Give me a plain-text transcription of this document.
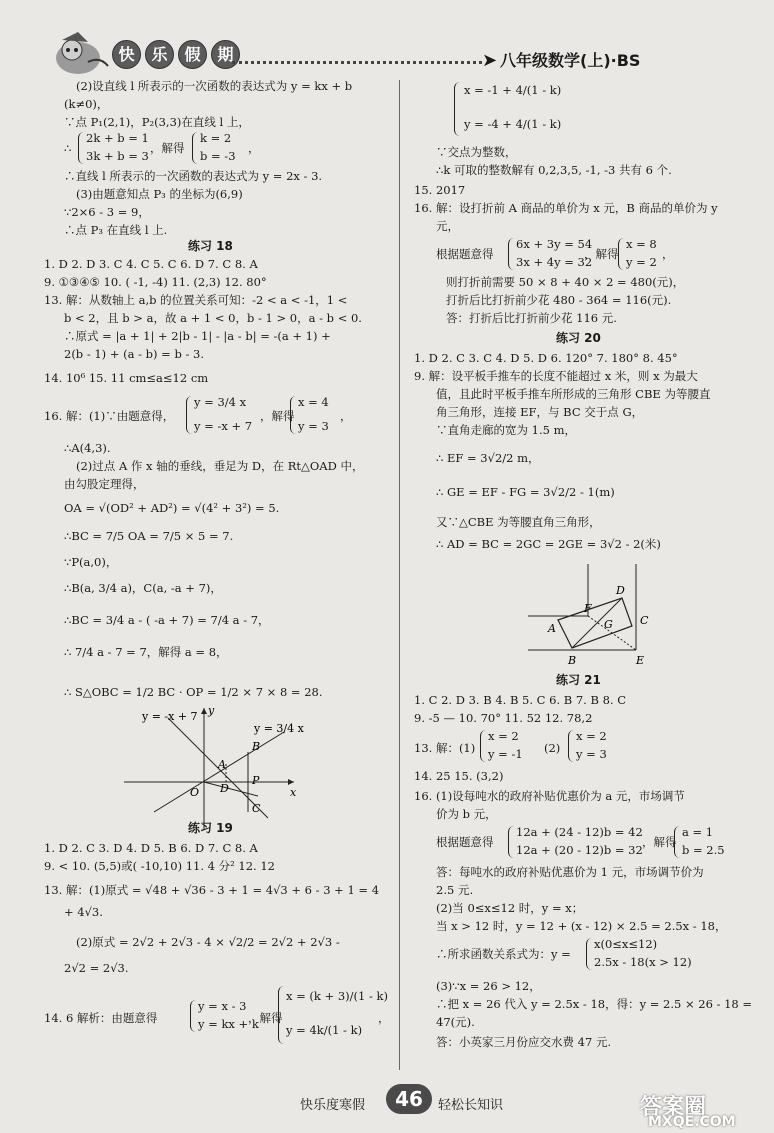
快	乐	假	期	➤ 八年级数学(上)·BS
(2)设直线 l 所表示的一次函数的表达式为 y = kx + b
(k≠0)，
∵点 P₁(2,1)，P₂(3,3)在直线 l 上，
∴
2k + b = 1
3k + b = 3
，解得
k = 2
b = -3
，
∴直线 l 所表示的一次函数的表达式为 y = 2x - 3.
(3)由题意知点 P₃ 的坐标为(6,9)
∵2×6 - 3 = 9，
∴点 P₃ 在直线 l 上.
练习 18
1. D 2. D 3. C 4. C 5. C 6. D 7. C 8. A
9. ①③④⑤ 10. ( -1, -4) 11. (2,3) 12. 80°
13. 解：从数轴上 a,b 的位置关系可知：-2 < a < -1，1 <
b < 2，且 b > a，故 a + 1 < 0，b - 1 > 0，a - b < 0.
∴原式 = |a + 1| + 2|b - 1| - |a - b| = -(a + 1) +
2(b - 1) + (a - b) = b - 3.
14. 10⁶ 15. 11 cm≤a≤12 cm
16. 解：(1)∵由题意得，
y = 3/4 x
y = -x + 7
，解得
x = 4
y = 3
，
∴A(4,3).
(2)过点 A 作 x 轴的垂线，垂足为 D，在 Rt△OAD 中，
由勾股定理得，
OA = √(OD² + AD²) = √(4² + 3²) = 5.
∴BC = 7/5 OA = 7/5 × 5 = 7.
∵P(a,0)，
∴B(a, 3/4 a)，C(a, -a + 7)，
∴BC = 3/4 a - ( -a + 7) = 7/4 a - 7，
∴ 7/4 a - 7 = 7，解得 a = 8，
∴ S△OBC = 1/2 BC · OP = 1/2 × 7 × 8 = 28.
y = -x + 7
y = 3/4 x
y
x
O
A
B
C
D
P
练习 19
1. D 2. C 3. D 4. D 5. B 6. D 7. C 8. A
9. < 10. (5,5)或( -10,10) 11. 4 分² 12. 12
13. 解：(1)原式 = √48 + √36 - 3 + 1 = 4√3 + 6 - 3 + 1 = 4
+ 4√3.
(2)原式 = 2√2 + 2√3 - 4 × √2/2 = 2√2 + 2√3 -
2√2 = 2√3.
14. 6 解析：由题意得
y = x - 3
y = kx + k
，解得
x = (k + 3)/(1 - k)
y = 4k/(1 - k)
，
x = -1 + 4/(1 - k)
y = -4 + 4/(1 - k)
∵交点为整数，
∴k 可取的整数解有 0,2,3,5, -1, -3 共有 6 个.
15. 2017
16. 解：设打折前 A 商品的单价为 x 元，B 商品的单价为 y
元，
根据题意得
6x + 3y = 54
3x + 4y = 32
，解得
x = 8
y = 2
，
则打折前需要 50 × 8 + 40 × 2 = 480(元)，
打折后比打折前少花 480 - 364 = 116(元).
答：打折后比打折前少花 116 元.
练习 20
1. D 2. C 3. C 4. D 5. D 6. 120° 7. 180° 8. 45°
9. 解：设平板手推车的长度不能超过 x 米，则 x 为最大
值，且此时平板手推车所形成的三角形 CBE 为等腰直
角三角形，连接 EF，与 BC 交于点 G，
∵直角走廊的宽为 1.5 m，
∴ EF = 3√2/2 m，
∴ GE = EF - FG = 3√2/2 - 1(m)
又∵△CBE 为等腰直角三角形，
∴ AD = BC = 2GC = 2GE = 3√2 - 2(米)
D
F
G C
A
B	E
练习 21
1. C 2. D 3. B 4. B 5. C 6. B 7. B 8. C
9. -5 — 10. 70° 11. 52 12. 78,2
13. 解：(1)
x = 2
y = -1 (2)
x = 2
y = 3
14. 25 15. (3,2)
16. (1)设每吨水的政府补贴优惠价为 a 元，市场调节
价为 b 元，
根据题意得
12a + (24 - 12)b = 42
12a + (20 - 12)b = 32
，解得
a = 1
b = 2.5
答：每吨水的政府补贴优惠价为 1 元，市场调节价为
2.5 元.
(2)当 0≤x≤12 时，y = x；
当 x > 12 时，y = 12 + (x - 12) × 2.5 = 2.5x - 18，
∴所求函数关系式为：y =
x(0≤x≤12)
2.5x - 18(x > 12)
(3)∵x = 26 > 12，
∴把 x = 26 代入 y = 2.5x - 18，得：y = 2.5 × 26 - 18 =
47(元).
答：小英家三月份应交水费 47 元.
快乐度寒假	46	轻松长知识	答案圈
MXQE.COM
